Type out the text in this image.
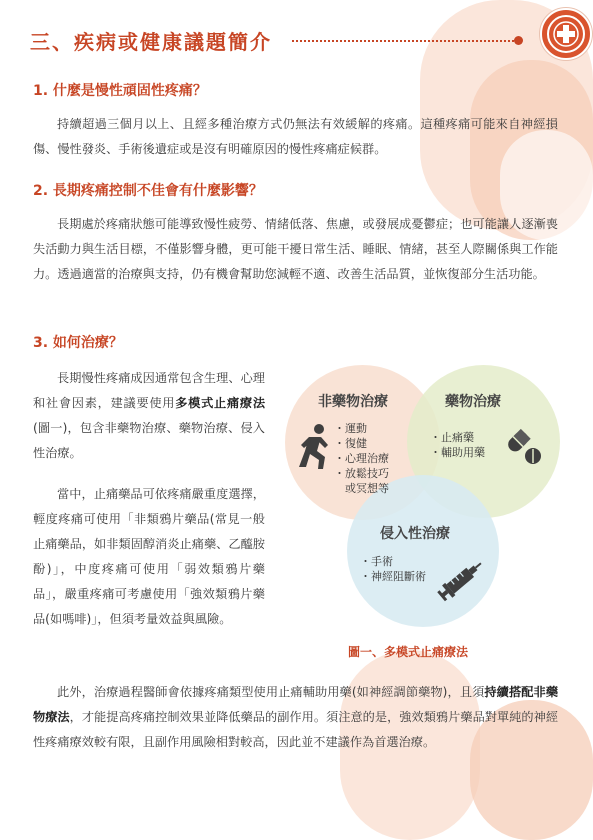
三、疾病或健康議題簡介
1. 什麼是慢性頑固性疼痛？
持續超過三個月以上、且經多種治療方式仍無法有效緩解的疼痛。這種疼痛可能來自神經損傷、慢性發炎、手術後遺症或是沒有明確原因的慢性疼痛症候群。
2. 長期疼痛控制不佳會有什麼影響？
長期處於疼痛狀態可能導致慢性疲勞、情緒低落、焦慮，或發展成憂鬱症；也可能讓人逐漸喪失活動力與生活目標，不僅影響身體，更可能干擾日常生活、睡眠、情緒，甚至人際關係與工作能力。透過適當的治療與支持，仍有機會幫助您減輕不適、改善生活品質，並恢復部分生活功能。
3. 如何治療？
長期慢性疼痛成因通常包含生理、心理和社會因素，建議要使用多模式止痛療法(圖一)，包含非藥物治療、藥物治療、侵入性治療。
當中，止痛藥品可依疼痛嚴重度選擇，輕度疼痛可使用「非類鴉片藥品(常見一般止痛藥品，如非類固醇消炎止痛藥、乙醯胺酚)」，中度疼痛可使用「弱效類鴉片藥品」，嚴重疼痛可考慮使用「強效類鴉片藥品(如嗎啡)」，但須考量效益與風險。
非藥物治療	藥物治療
侵入性治療
・運動
・復健
・心理治療
・放鬆技巧
　或冥想等
・止痛藥
・輔助用藥
・手術
・神經阻斷術
圖一、多模式止痛療法
此外，治療過程醫師會依據疼痛類型使用止痛輔助用藥(如神經調節藥物)，且須持續搭配非藥物療法，才能提高疼痛控制效果並降低藥品的副作用。須注意的是，強效類鴉片藥品對單純的神經性疼痛療效較有限，且副作用風險相對較高，因此並不建議作為首選治療。
